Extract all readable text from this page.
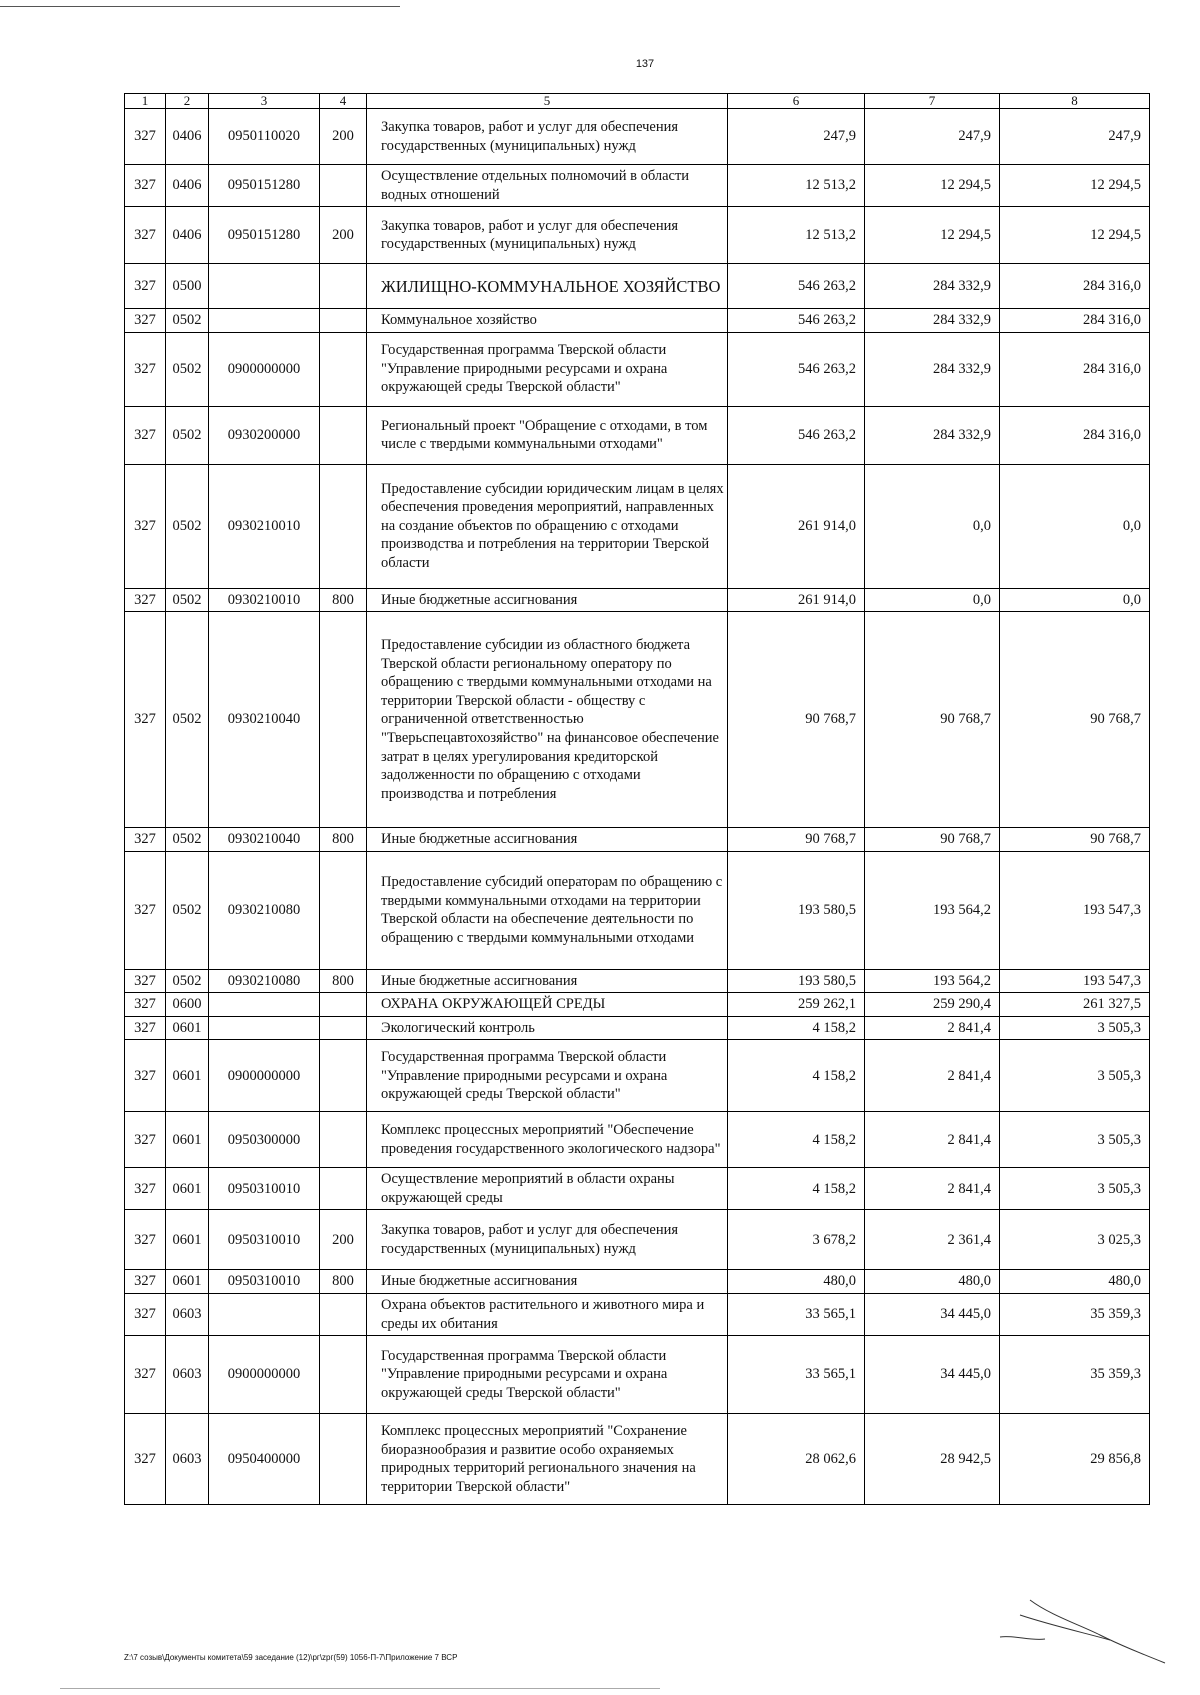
137
1	2	3	4	5	6	7	8
327	0406	0950110020	200	Закупка товаров, работ и услуг для обеспечения государственных (муниципальных) нужд	247,9	247,9	247,9
327	0406	0950151280		Осуществление отдельных полномочий в области водных отношений	12 513,2	12 294,5	12 294,5
327	0406	0950151280	200	Закупка товаров, работ и услуг для обеспечения государственных (муниципальных) нужд	12 513,2	12 294,5	12 294,5
327	0500			ЖИЛИЩНО-КОММУНАЛЬНОЕ ХОЗЯЙСТВО	546 263,2	284 332,9	284 316,0
327	0502			Коммунальное хозяйство	546 263,2	284 332,9	284 316,0
327	0502	0900000000		Государственная программа Тверской области "Управление природными ресурсами и охрана окружающей среды Тверской области"	546 263,2	284 332,9	284 316,0
327	0502	0930200000		Региональный проект "Обращение с отходами, в том числе с твердыми коммунальными отходами"	546 263,2	284 332,9	284 316,0
327	0502	0930210010		Предоставление субсидии юридическим лицам в целях обеспечения проведения мероприятий, направленных на создание объектов по обращению с отходами производства и потребления на территории Тверской области	261 914,0	0,0	0,0
327	0502	0930210010	800	Иные бюджетные ассигнования	261 914,0	0,0	0,0
327	0502	0930210040		Предоставление субсидии из областного бюджета Тверской области региональному оператору по обращению с твердыми коммунальными отходами на территории Тверской области - обществу с ограниченной ответственностью "Тверьспецавтохозяйство" на финансовое обеспечение затрат в целях урегулирования кредиторской задолженности по обращению с отходами производства и потребления	90 768,7	90 768,7	90 768,7
327	0502	0930210040	800	Иные бюджетные ассигнования	90 768,7	90 768,7	90 768,7
327	0502	0930210080		Предоставление субсидий операторам по обращению с твердыми коммунальными отходами на территории Тверской области на обеспечение деятельности по обращению с твердыми коммунальными отходами	193 580,5	193 564,2	193 547,3
327	0502	0930210080	800	Иные бюджетные ассигнования	193 580,5	193 564,2	193 547,3
327	0600			ОХРАНА ОКРУЖАЮЩЕЙ СРЕДЫ	259 262,1	259 290,4	261 327,5
327	0601			Экологический контроль	4 158,2	2 841,4	3 505,3
327	0601	0900000000		Государственная программа Тверской области "Управление природными ресурсами и охрана окружающей среды Тверской области"	4 158,2	2 841,4	3 505,3
327	0601	0950300000		Комплекс процессных мероприятий "Обеспечение проведения государственного экологического надзора"	4 158,2	2 841,4	3 505,3
327	0601	0950310010		Осуществление мероприятий в области охраны окружающей среды	4 158,2	2 841,4	3 505,3
327	0601	0950310010	200	Закупка товаров, работ и услуг для обеспечения государственных (муниципальных) нужд	3 678,2	2 361,4	3 025,3
327	0601	0950310010	800	Иные бюджетные ассигнования	480,0	480,0	480,0
327	0603			Охрана объектов растительного и животного мира и среды их обитания	33 565,1	34 445,0	35 359,3
327	0603	0900000000		Государственная программа Тверской области "Управление природными ресурсами и охрана окружающей среды Тверской области"	33 565,1	34 445,0	35 359,3
327	0603	0950400000		Комплекс процессных мероприятий "Сохранение биоразнообразия и развитие особо охраняемых природных территорий регионального значения на территории Тверской области"	28 062,6	28 942,5	29 856,8
Z:\7 созыв\Документы комитета\59 заседание (12)\рг\zрг(59) 1056-П-7\Приложение 7 ВСР
